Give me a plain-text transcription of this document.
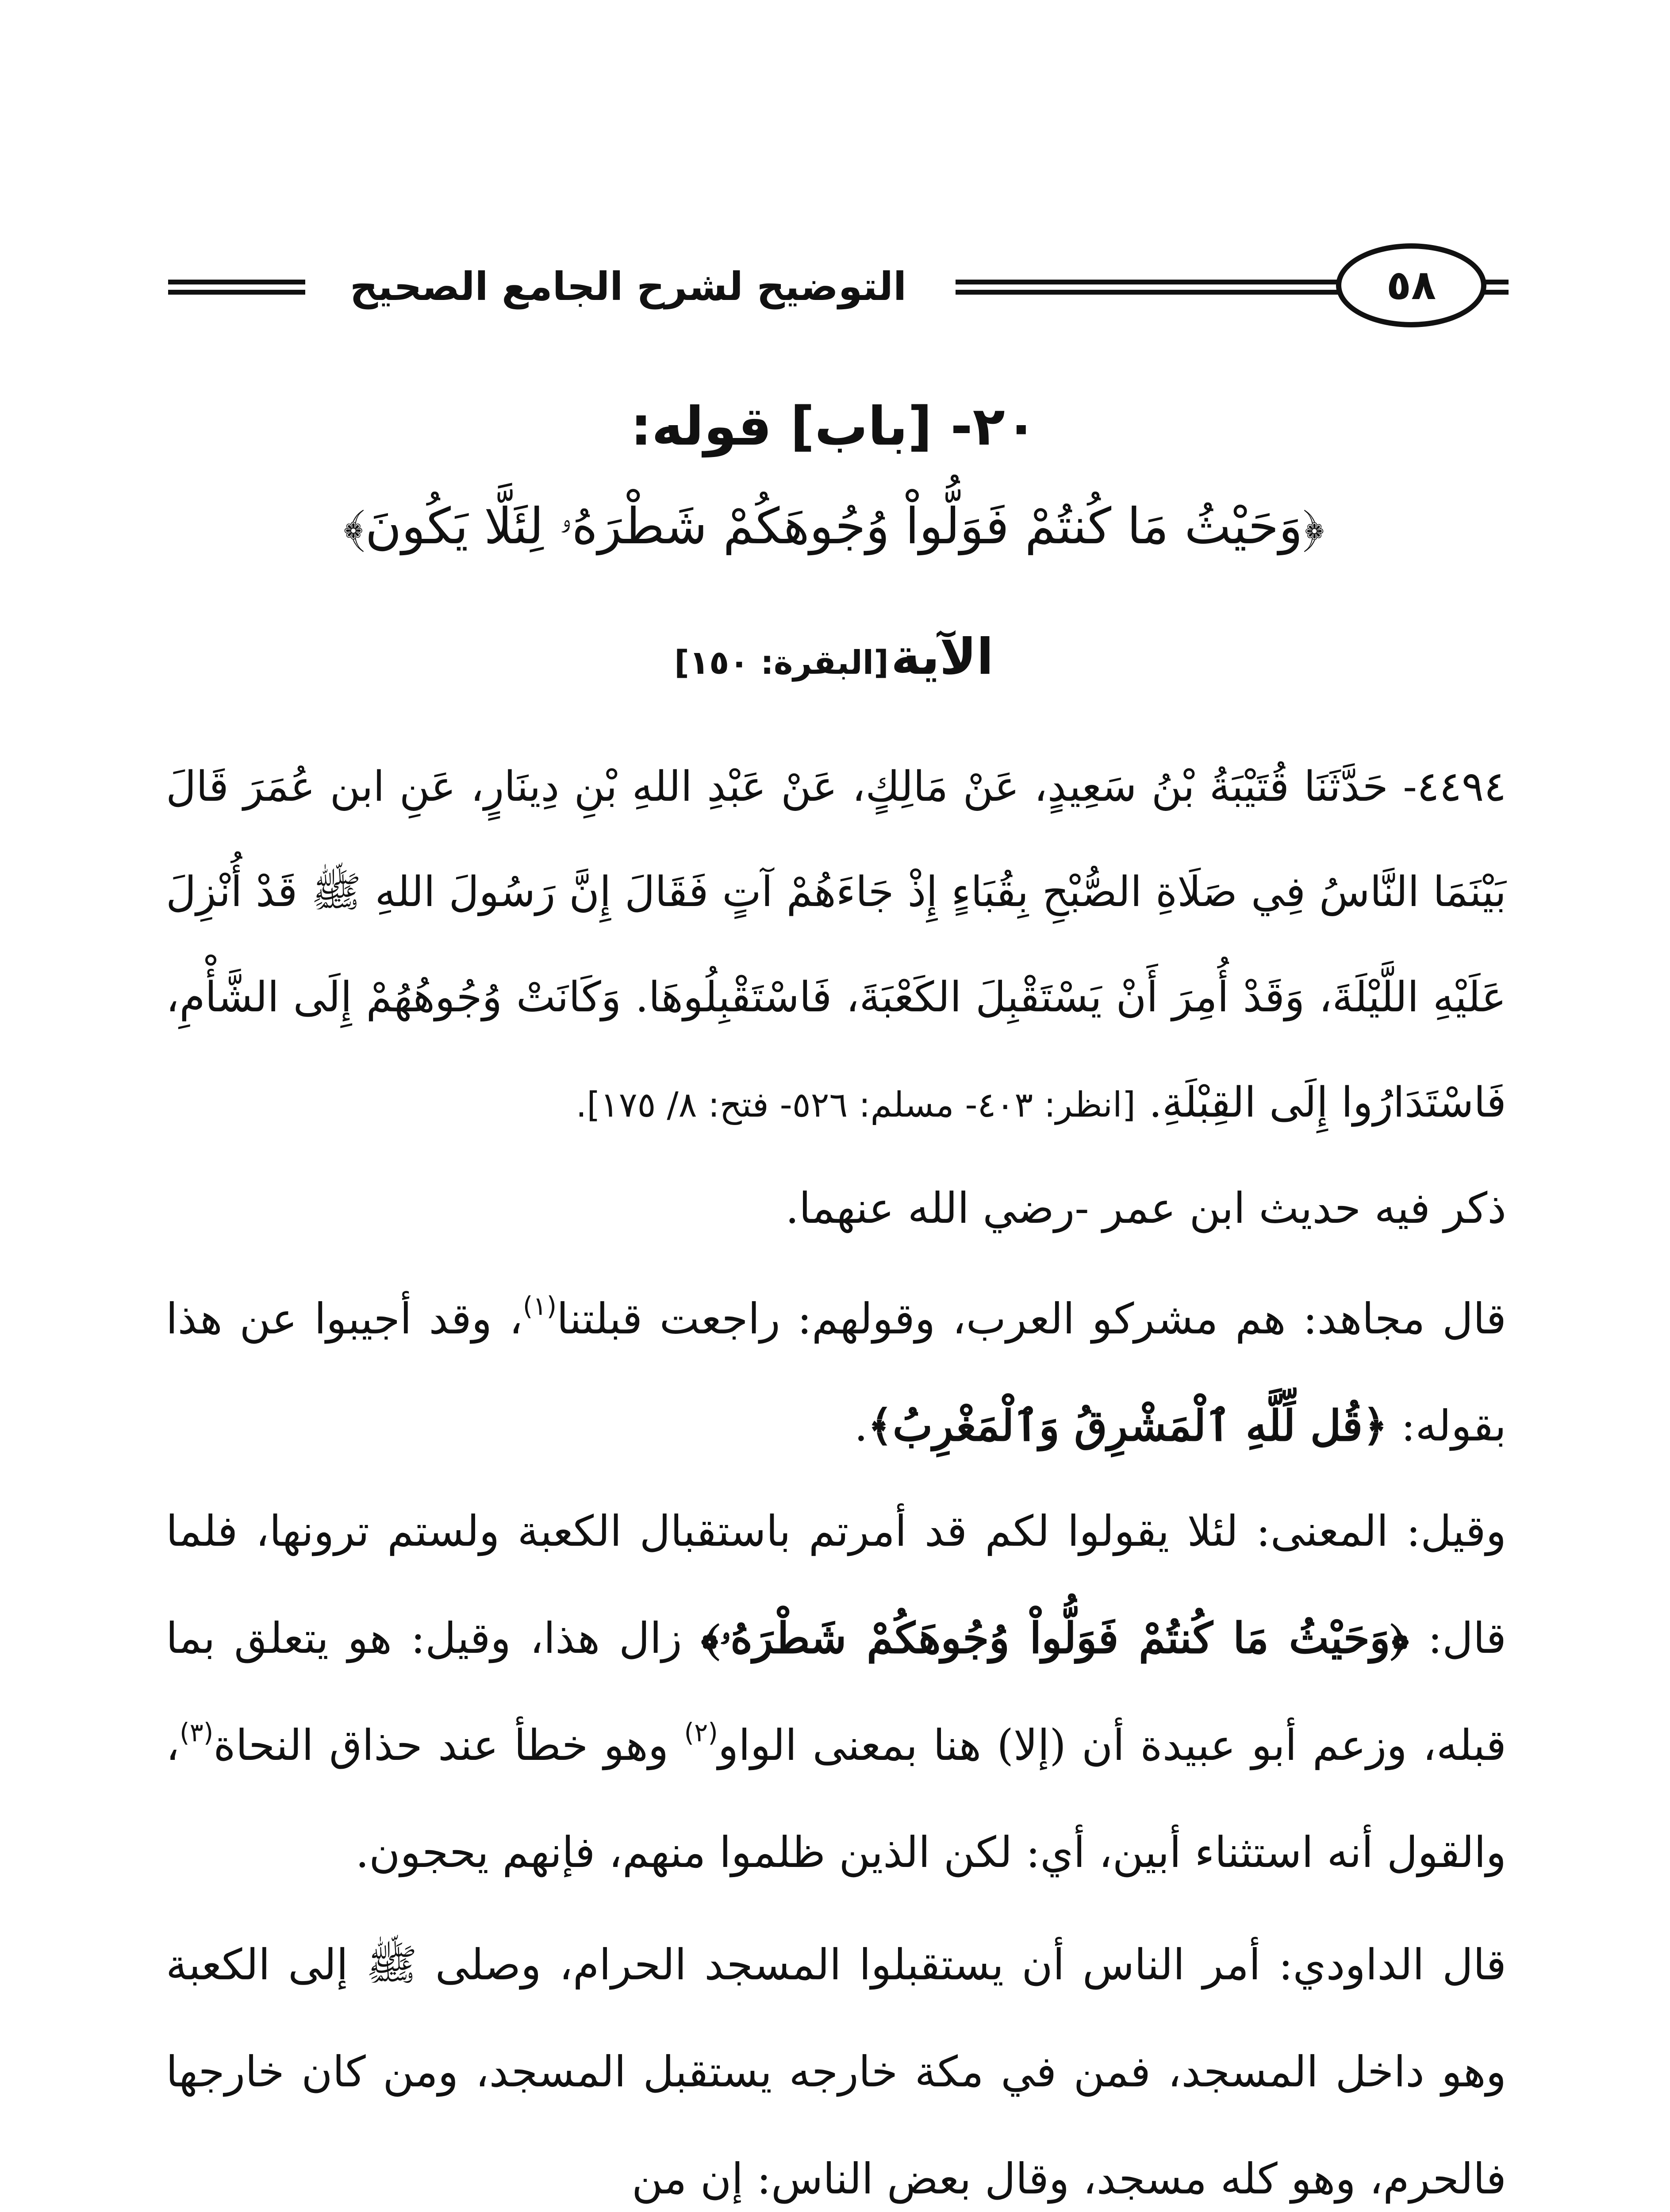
التوضيح لشرح الجامع الصحيح	٥٨
٢٠- [باب] قوله:
﴿وَحَيْثُ مَا كُنتُمْ فَوَلُّواْ وُجُوهَكُمْ شَطْرَهُۥ لِئَلَّا يَكُونَ﴾
الآية [البقرة: ١٥٠]
٤٤٩٤- حَدَّثَنَا قُتَيْبَةُ بْنُ سَعِيدٍ، عَنْ مَالِكٍ، عَنْ عَبْدِ اللهِ بْنِ دِينَارٍ، عَنِ ابن عُمَرَ قَالَ بَيْنَمَا النَّاسُ فِي صَلَاةِ الصُّبْحِ بِقُبَاءٍ إِذْ جَاءَهُمْ آتٍ فَقَالَ إِنَّ رَسُولَ اللهِ ﷺ قَدْ أُنْزِلَ عَلَيْهِ اللَّيْلَةَ، وَقَدْ أُمِرَ أَنْ يَسْتَقْبِلَ الكَعْبَةَ، فَاسْتَقْبِلُوهَا. وَكَانَتْ وُجُوهُهُمْ إِلَى الشَّأْمِ، فَاسْتَدَارُوا إِلَى القِبْلَةِ. [انظر: ٤٠٣- مسلم: ٥٢٦- فتح: ٨/ ١٧٥].
ذكر فيه حديث ابن عمر -رضي الله عنهما.
قال مجاهد: هم مشركو العرب، وقولهم: راجعت قبلتنا$^{(١)}$، وقد أجيبوا عن هذا بقوله: ﴿قُل لِّلَّهِ ٱلْمَشْرِقُ وَٱلْمَغْرِبُ﴾.
وقيل: المعنى: لئلا يقولوا لكم قد أمرتم باستقبال الكعبة ولستم ترونها، فلما قال: ﴿وَحَيْثُ مَا كُنتُمْ فَوَلُّواْ وُجُوهَكُمْ شَطْرَهُۥ﴾ زال هذا، وقيل: هو يتعلق بما قبله، وزعم أبو عبيدة أن (إلا) هنا بمعنى الواو$^{(٢)}$ وهو خطأ عند حذاق النحاة$^{(٣)}$، والقول أنه استثناء أبين، أي: لكن الذين ظلموا منهم، فإنهم يحجون.
قال الداودي: أمر الناس أن يستقبلوا المسجد الحرام، وصلى ﷺ إلى الكعبة وهو داخل المسجد، فمن في مكة خارجه يستقبل المسجد، ومن كان خارجها فالحرم، وهو كله مسجد، وقال بعض الناس: إن من
